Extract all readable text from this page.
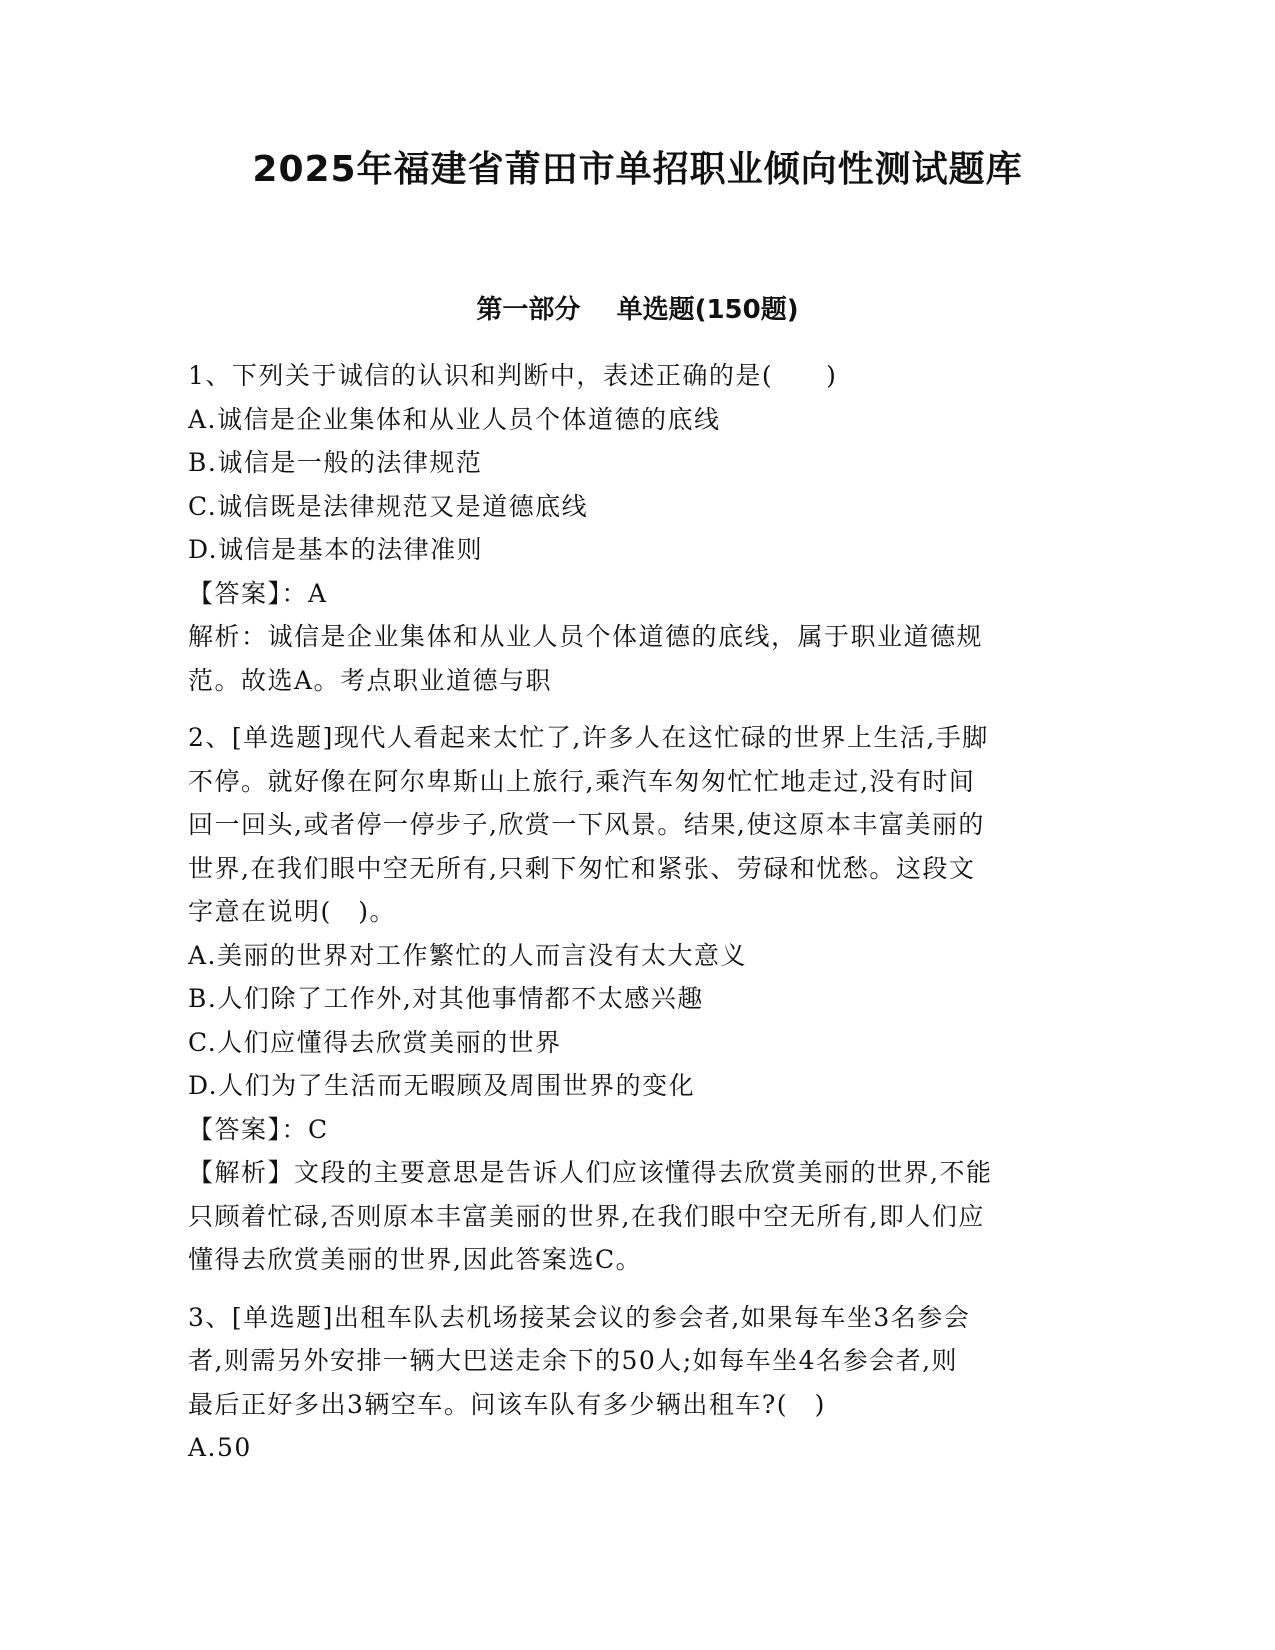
2025年福建省莆田市单招职业倾向性测试题库
第一部分    单选题(150题)

1、下列关于诚信的认识和判断中，表述正确的是(　　)

A.诚信是企业集体和从业人员个体道德的底线

B.诚信是一般的法律规范

C.诚信既是法律规范又是道德底线

D.诚信是基本的法律准则

【答案】：A

解析：诚信是企业集体和从业人员个体道德的底线，属于职业道德规

范。故选A。考点职业道德与职

2、[单选题]现代人看起来太忙了,许多人在这忙碌的世界上生活,手脚

不停。就好像在阿尔卑斯山上旅行,乘汽车匆匆忙忙地走过,没有时间

回一回头,或者停一停步子,欣赏一下风景。结果,使这原本丰富美丽的

世界,在我们眼中空无所有,只剩下匆忙和紧张、劳碌和忧愁。这段文

字意在说明(　)。

A.美丽的世界对工作繁忙的人而言没有太大意义

B.人们除了工作外,对其他事情都不太感兴趣

C.人们应懂得去欣赏美丽的世界

D.人们为了生活而无暇顾及周围世界的变化

【答案】：C

【解析】文段的主要意思是告诉人们应该懂得去欣赏美丽的世界,不能

只顾着忙碌,否则原本丰富美丽的世界,在我们眼中空无所有,即人们应

懂得去欣赏美丽的世界,因此答案选C。

3、[单选题]出租车队去机场接某会议的参会者,如果每车坐3名参会

者,则需另外安排一辆大巴送走余下的50人;如每车坐4名参会者,则

最后正好多出3辆空车。问该车队有多少辆出租车?(　)

A.50
